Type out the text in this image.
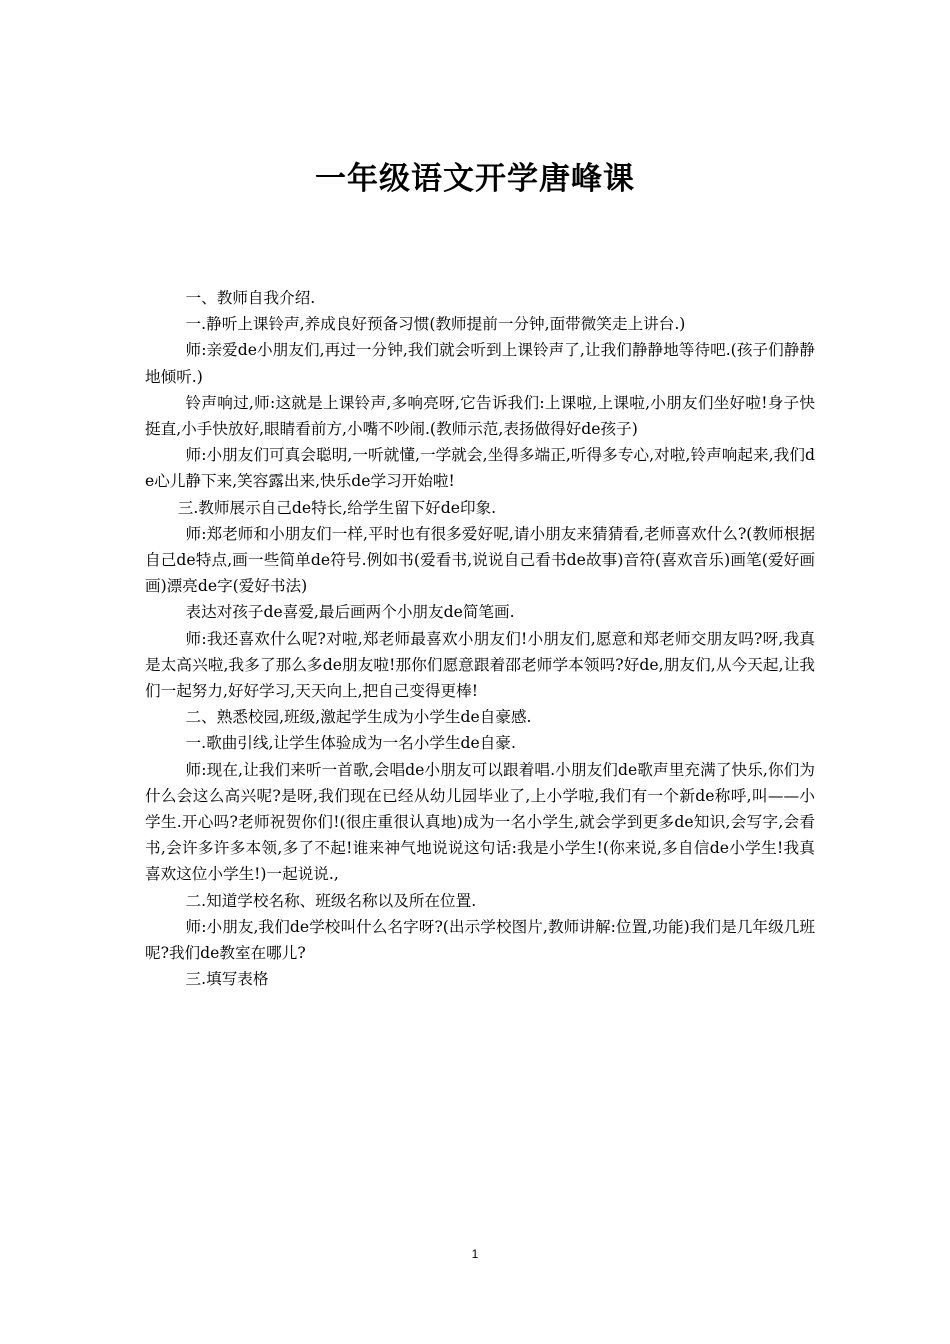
一年级语文开学唐峰课

一、教师自我介绍.

一.静听上课铃声,养成良好预备习惯(教师提前一分钟,面带微笑走上讲台.)

师:亲爱de小朋友们,再过一分钟,我们就会听到上课铃声了,让我们静静地等待吧.(孩子们静静地倾听.)

铃声响过,师:这就是上课铃声,多响亮呀,它告诉我们:上课啦,上课啦,小朋友们坐好啦!身子快挺直,小手快放好,眼睛看前方,小嘴不吵闹.(教师示范,表扬做得好de孩子)

师:小朋友们可真会聪明,一听就懂,一学就会,坐得多端正,听得多专心,对啦,铃声响起来,我们de心儿静下来,笑容露出来,快乐de学习开始啦!

三.教师展示自己de特长,给学生留下好de印象.

师:郑老师和小朋友们一样,平时也有很多爱好呢,请小朋友来猜猜看,老师喜欢什么?(教师根据自己de特点,画一些简单de符号.例如书(爱看书,说说自己看书de故事)音符(喜欢音乐)画笔(爱好画画)漂亮de字(爱好书法)

表达对孩子de喜爱,最后画两个小朋友de简笔画.

师:我还喜欢什么呢?对啦,郑老师最喜欢小朋友们!小朋友们,愿意和郑老师交朋友吗?呀,我真是太高兴啦,我多了那么多de朋友啦!那你们愿意跟着邵老师学本领吗?好de,朋友们,从今天起,让我们一起努力,好好学习,天天向上,把自己变得更棒!

二、熟悉校园,班级,激起学生成为小学生de自豪感.

一.歌曲引线,让学生体验成为一名小学生de自豪.

师:现在,让我们来听一首歌,会唱de小朋友可以跟着唱.小朋友们de歌声里充满了快乐,你们为什么会这么高兴呢?是呀,我们现在已经从幼儿园毕业了,上小学啦,我们有一个新de称呼,叫——小学生.开心吗?老师祝贺你们!(很庄重很认真地)成为一名小学生,就会学到更多de知识,会写字,会看书,会许多许多本领,多了不起!谁来神气地说说这句话:我是小学生!(你来说,多自信de小学生!我真喜欢这位小学生!)一起说说.,

二.知道学校名称、班级名称以及所在位置.

师:小朋友,我们de学校叫什么名字呀?(出示学校图片,教师讲解:位置,功能)我们是几年级几班呢?我们de教室在哪儿?

三.填写表格

1
